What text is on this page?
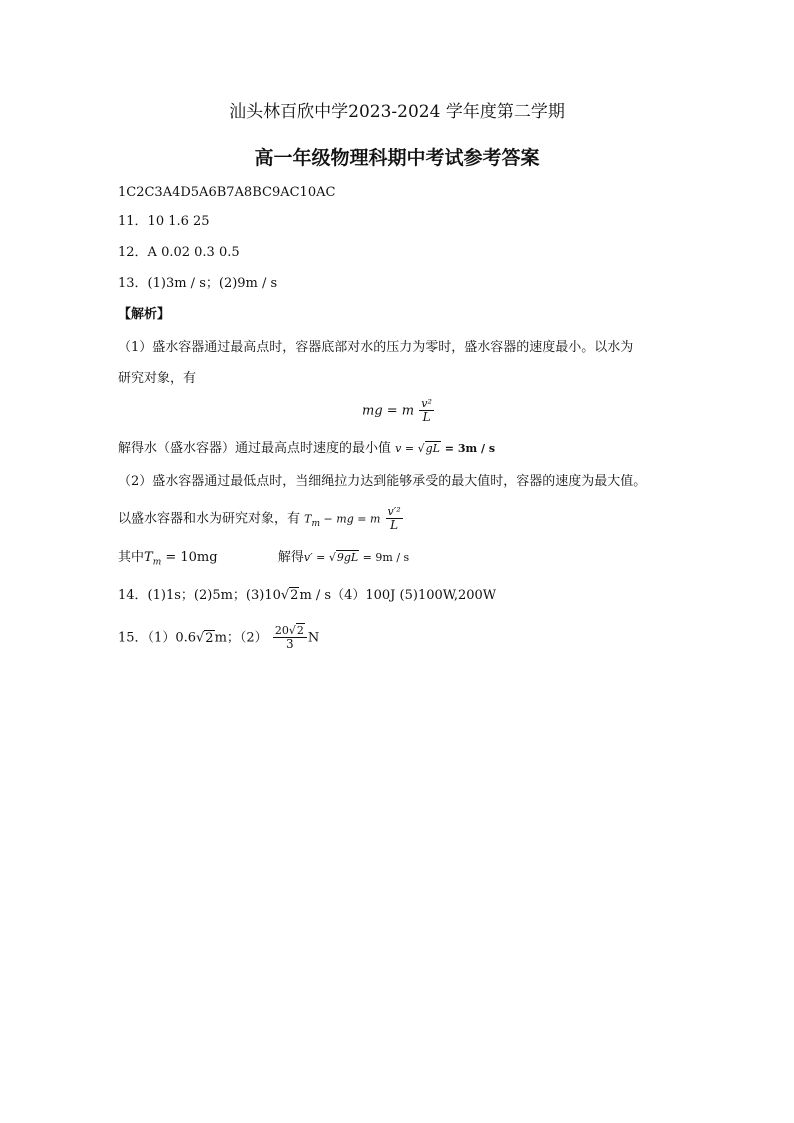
汕头林百欣中学2023-2024 学年度第二学期
高一年级物理科期中考试参考答案
1C2C3A4D5A6B7A8BC9AC10AC
11．10 1.6 25
12．A 0.02 0.3 0.5
13．(1)3m / s；(2)9m / s
【解析】
（1）盛水容器通过最高点时，容器底部对水的压力为零时，盛水容器的速度最小。以水为
研究对象，有
mg = m $\frac{\text{v²}}{L}$
解得水（盛水容器）通过最高点时速度的最小值 v = √gL = 3m / s
（2）盛水容器通过最低点时，当细绳拉力达到能够承受的最大值时，容器的速度为最大值。
以盛水容器和水为研究对象，有 $T_m$ − mg = m $\frac{\text{v′²}}{L}$
其中$T_m = 10mg$	解得v′ = √9gL = 9m / s
14．(1)1s；(2)5m；(3)10√2m / s（4）100J (5)100W,200W
15．（1）0.6√2m；$(2) \frac{20√2}{3}$ N
